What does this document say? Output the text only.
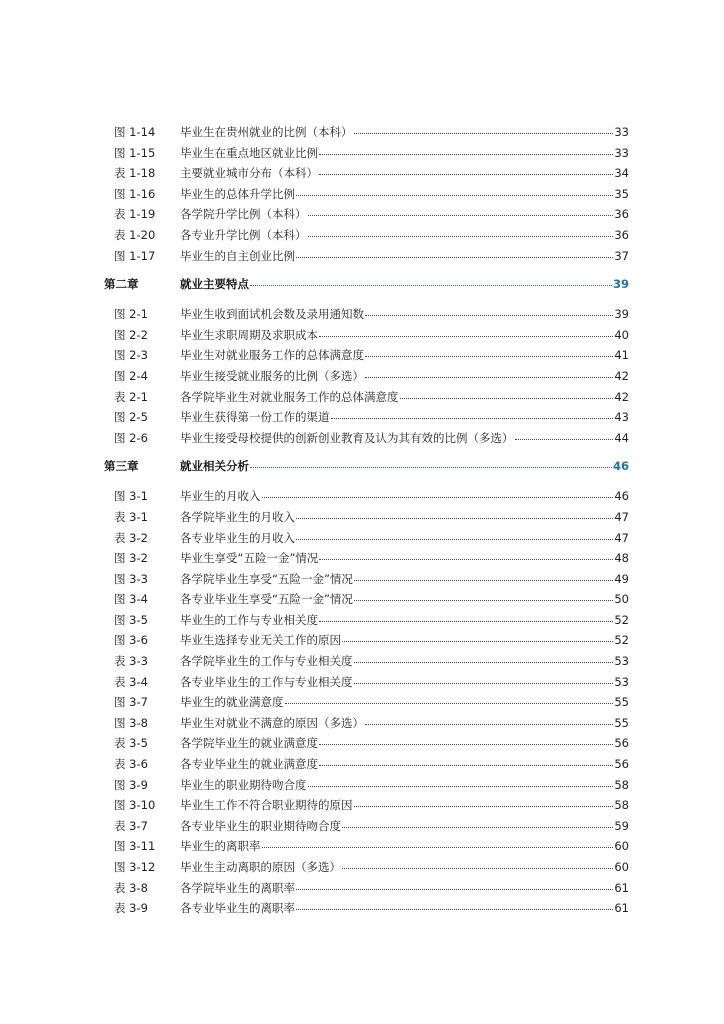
图 1-14 毕业生在贵州就业的比例（本科）	33
图 1-15 毕业生在重点地区就业比例	33
表 1-18 主要就业城市分布（本科）	34
图 1-16 毕业生的总体升学比例	35
表 1-19 各学院升学比例（本科）	36
表 1-20 各专业升学比例（本科）	36
图 1-17 毕业生的自主创业比例	37
第二章	就业主要特点	39
图 2-1	毕业生收到面试机会数及录用通知数	39
图 2-2	毕业生求职周期及求职成本	40
图 2-3	毕业生对就业服务工作的总体满意度	41
图 2-4	毕业生接受就业服务的比例（多选）	42
表 2-1	各学院毕业生对就业服务工作的总体满意度	42
图 2-5	毕业生获得第一份工作的渠道	43
图 2-6	毕业生接受母校提供的创新创业教育及认为其有效的比例（多选）	44
第三章	就业相关分析	46
图 3-1	毕业生的月收入	46
表 3-1	各学院毕业生的月收入	47
表 3-2	各专业毕业生的月收入	47
图 3-2	毕业生享受“五险一金”情况	48
图 3-3	各学院毕业生享受“五险一金”情况	49
图 3-4	各专业毕业生享受“五险一金”情况	50
图 3-5	毕业生的工作与专业相关度	52
图 3-6	毕业生选择专业无关工作的原因	52
表 3-3	各学院毕业生的工作与专业相关度	53
表 3-4	各专业毕业生的工作与专业相关度	53
图 3-7	毕业生的就业满意度	55
图 3-8	毕业生对就业不满意的原因（多选）	55
表 3-5	各学院毕业生的就业满意度	56
表 3-6	各专业毕业生的就业满意度	56
图 3-9	毕业生的职业期待吻合度	58
图 3-10 毕业生工作不符合职业期待的原因	58
表 3-7	各专业毕业生的职业期待吻合度	59
图 3-11 毕业生的离职率	60
图 3-12 毕业生主动离职的原因（多选）	60
表 3-8	各学院毕业生的离职率	61
表 3-9	各专业毕业生的离职率	61
